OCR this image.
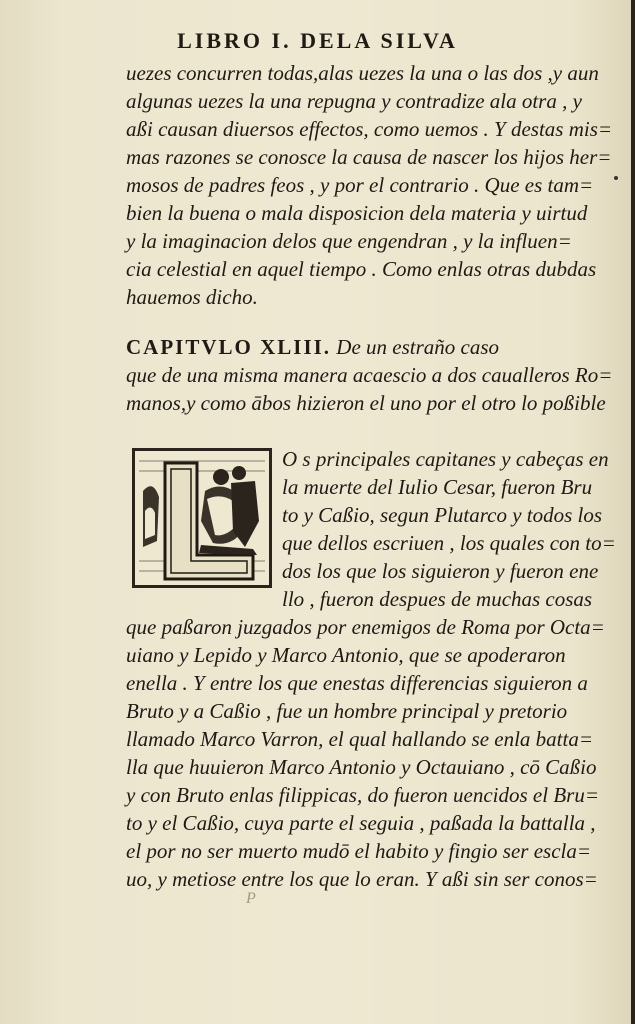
LIBRO I. DELA SILVA
uezes concurren todas,alas uezes la una o las dos ,y aun
algunas uezes la una repugna y contradize ala otra , y
aßi causan diuersos effectos, como uemos . Y destas mis=
mas razones se conosce la causa de nascer los hijos her=
mosos de padres feos , y por el contrario . Que es tam=
bien la buena o mala disposicion dela materia y uirtud
y la imaginacion delos que engendran , y la influen=
cia celestial en aquel tiempo . Como enlas otras dubdas
hauemos dicho.
CAPITVLO XLIII. De un estraño caso
que de una misma manera acaescio a dos caualleros Ro=
manos,y como ābos hizieron el uno por el otro lo poßible
O s principales capitanes y cabeças en
la muerte del Iulio Cesar, fueron Bru
to y Caßio, segun Plutarco y todos los
que dellos escriuen , los quales con to=
dos los que los siguieron y fueron ene
llo , fueron despues de muchas cosas
que paßaron juzgados por enemigos de Roma por Octa=
uiano y Lepido y Marco Antonio, que se apoderaron
enella . Y entre los que enestas differencias siguieron a
Bruto y a Caßio , fue un hombre principal y pretorio
llamado Marco Varron, el qual hallando se enla batta=
lla que huuieron Marco Antonio y Octauiano , cō Caßio
y con Bruto enlas filippicas, do fueron uencidos el Bru=
to y el Caßio, cuya parte el seguia , paßada la battalla ,
el por no ser muerto mudō el habito y fingio ser escla=
uo, y metiose entre los que lo eran. Y aßi sin ser conos=
P
